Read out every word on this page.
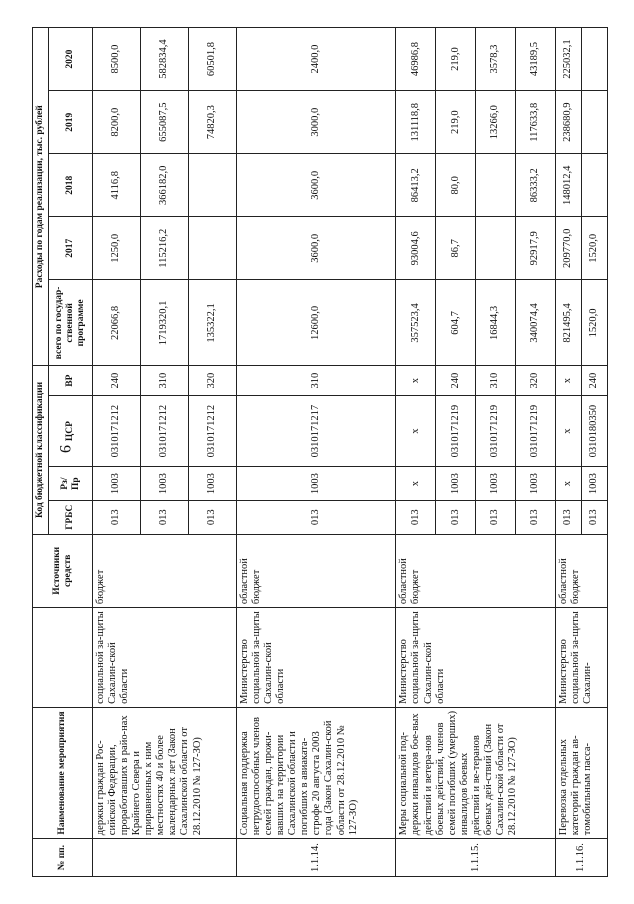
9
№ пп.	Наименование мероприятия		Источники средств	Код бюджетной классификации				Расходы по годам реализации, тыс. рублей				
				ГРБС	Рз/ Пр	ЦСР	ВР	всего по государ-ственной программе	2017	2018	2019	2020
	держки граждан Рос-сийской Федерации, проработавших в райо-нах Крайнего Севера и приравненных к ним местностях 40 и более календарных лет (Закон Сахалинской области от 28.12.2010 № 127-ЗО)	социальной за-щиты Сахалин-ской области	бюджет	013	1003	0310171212	240	22066,8	1250,0	4116,8	8200,0	8500,0
				013	1003	0310171212	310	1719320,1	115216,2	366182,0	655087,5	582834,4
				013	1003	0310171212	320	135322,1			74820,3	60501,8
1.1.14.	Социальная поддержка нетрудоспособных членов семей граждан, прожи-вавших на территории Сахалинской области и погибших в авиаката-строфе 20 августа 2003 года (Закон Сахалин-ской области от 28.12.2010 № 127-ЗО)	Министерство социальной за-щиты Сахалин-ской области	областной бюджет	013	1003	0310171217	310	12600,0	3600,0	3600,0	3000,0	2400,0
1.1.15.	Меры социальной под-держки инвалидов бое-вых действий и ветера-нов боевых действий, членов семей погибших (умерших) инвалидов боевых действий и ве-теранов боевых дей-ствий (Закон Сахалин-ской области от 28.12.2010 № 127-ЗО)	Министерство социальной за-щиты Сахалин-ской области	областной бюджет	013	х	х	х	357523,4	93004,6	86413,2	131118,8	46986,8
				013	1003	0310171219	240	604,7	86,7	80,0	219,0	219,0
				013	1003	0310171219	310	16844,3			13266,0	3578,3
				013	1003	0310171219	320	340074,4	92917,9	86333,2	117633,8	43189,5
1.1.16.	Перевозка отдельных категорий граждан ав-томобильным пасса-	Министерство социальной за-щиты Сахалин-	областной бюджет	013	х	х	х	821495,4	209770,0	148012,4	238680,9	225032,1
				013	1003	0310180350	240	1520,0	1520,0			
